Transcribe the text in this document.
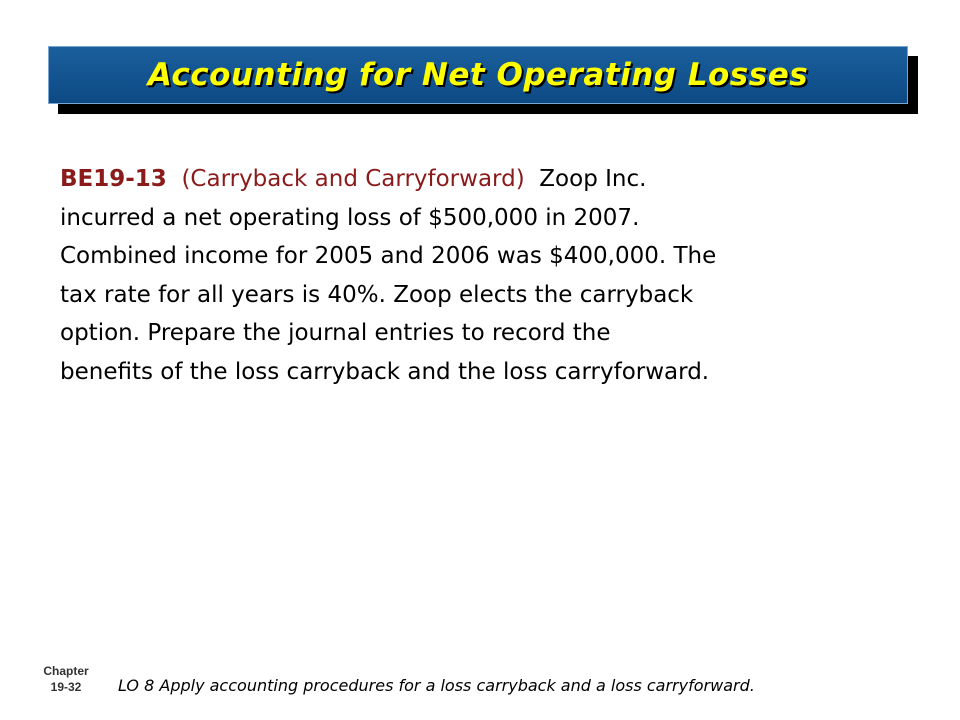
Accounting for Net Operating Losses
BE19-13 (Carryback and Carryforward) Zoop Inc.
incurred a net operating loss of $500,000 in 2007.
Combined income for 2005 and 2006 was $400,000. The
tax rate for all years is 40%. Zoop elects the carryback
option. Prepare the journal entries to record the
benefits of the loss carryback and the loss carryforward.
Chapter
19-32	LO 8 Apply accounting procedures for a loss carryback and a loss carryforward.
